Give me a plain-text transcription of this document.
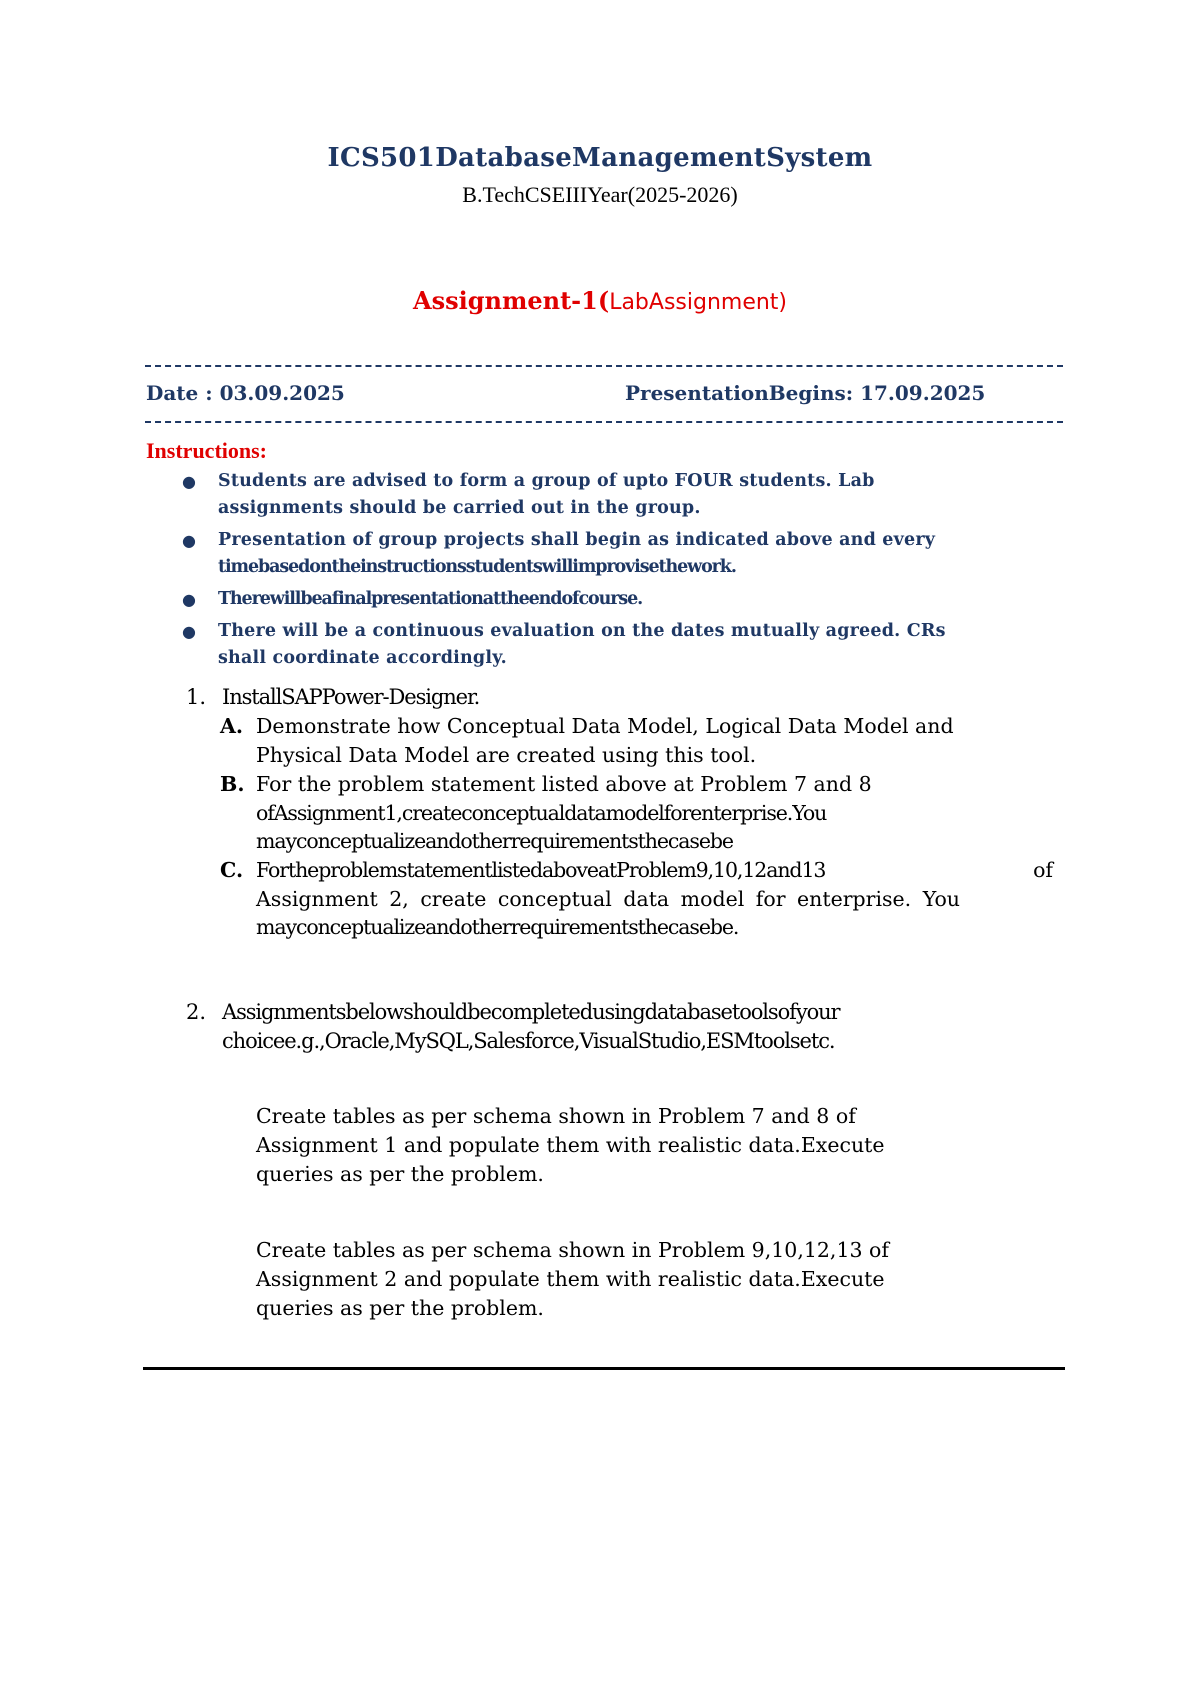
ICS501DatabaseManagementSystem
B.TechCSEIIIYear(2025-2026)
Assignment-1(LabAssignment)
Date : 03.09.2025	PresentationBegins: 17.09.2025
Instructions:
● Students are advised to form a group of upto FOUR students. Lab
assignments should be carried out in the group.
● Presentation of group projects shall begin as indicated above and every
timebasedontheinstructionsstudentswillimprovisethework.
● Therewillbeafinalpresentationattheendofcourse.
● There will be a continuous evaluation on the dates mutually agreed. CRs
shall coordinate accordingly.
1. InstallSAPPower-Designer.
A. Demonstrate how Conceptual Data Model, Logical Data Model and
Physical Data Model are created using this tool.
B. For the problem statement listed above at Problem 7 and 8
ofAssignment1,createconceptualdatamodelforenterprise.You
mayconceptualizeandotherrequirementsthecasebe
C. FortheproblemstatementlistedaboveatProblem9,10,12and13	of
Assignment 2, create conceptual data model for enterprise. You
mayconceptualizeandotherrequirementsthecasebe.
2. Assignmentsbelowshouldbecompletedusingdatabasetoolsofyour
choicee.g.,Oracle,MySQL,Salesforce,VisualStudio,ESMtoolsetc.
Create tables as per schema shown in Problem 7 and 8 of
Assignment 1 and populate them with realistic data.Execute
queries as per the problem.
Create tables as per schema shown in Problem 9,10,12,13 of
Assignment 2 and populate them with realistic data.Execute
queries as per the problem.
